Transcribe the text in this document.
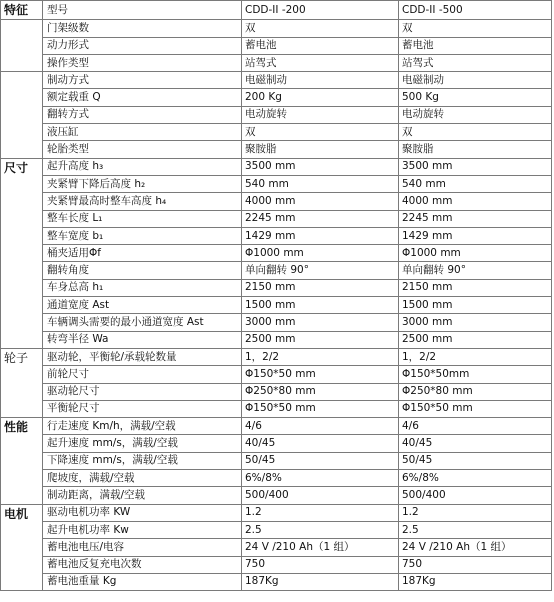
特征	型号	CDD-II -200	CDD-II -500
	门架级数	双	双
	动力形式	蓄电池	蓄电池
	操作类型	站驾式	站驾式
	制动方式	电磁制动	电磁制动
	额定载重 Q	200 Kg	500 Kg
	翻转方式	电动旋转	电动旋转
	液压缸	双	双
	轮胎类型	聚胺脂	聚胺脂
尺寸	起升高度 h₃	3500 mm	3500 mm
	夹紧臂下降后高度 h₂	540 mm	540 mm
	夹紧臂最高时整车高度 h₄	4000 mm	4000 mm
	整车长度 L₁	2245 mm	2245 mm
	整车宽度 b₁	1429 mm	1429 mm
	桶夹适用Φf	Φ1000 mm	Φ1000 mm
	翻转角度	单向翻转 90°	单向翻转 90°
	车身总高 h₁	2150 mm	2150 mm
	通道宽度 Ast	1500 mm	1500 mm
	车辆调头需要的最小通道宽度 Ast	3000 mm	3000 mm
	转弯半径 Wa	2500 mm	2500 mm
轮子	驱动轮，平衡轮/承载轮数量	1，2/2	1，2/2
	前轮尺寸	Φ150*50 mm	Φ150*50mm
	驱动轮尺寸	Φ250*80 mm	Φ250*80 mm
	平衡轮尺寸	Φ150*50 mm	Φ150*50 mm
性能	行走速度 Km/h，满载/空载	4/6	4/6
	起升速度 mm/s，满载/空载	40/45	40/45
	下降速度 mm/s，满载/空载	50/45	50/45
	爬坡度，满载/空载	6%/8%	6%/8%
	制动距离，满载/空载	500/400	500/400
电机	驱动电机功率 KW	1.2	1.2
	起升电机功率 Kw	2.5	2.5
	蓄电池电压/电容	24 V /210 Ah（1 组）	24 V /210 Ah（1 组）
	蓄电池反复充电次数	750	750
	蓄电池重量 Kg	187Kg	187Kg
